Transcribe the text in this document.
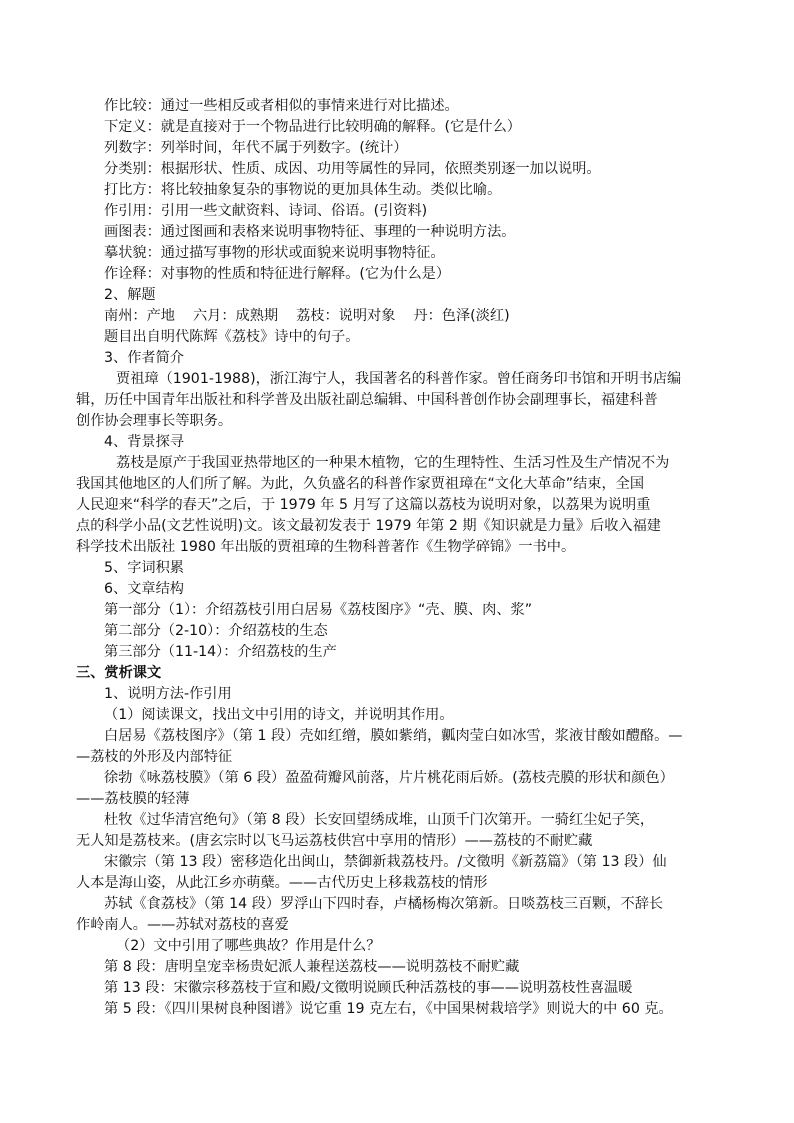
作比较：通过一些相反或者相似的事情来进行对比描述。
下定义：就是直接对于一个物品进行比较明确的解释。(它是什么）
列数字：列举时间，年代不属于列数字。(统计）
分类别：根据形状、性质、成因、功用等属性的异同，依照类别逐一加以说明。
打比方：将比较抽象复杂的事物说的更加具体生动。类似比喻。
作引用：引用一些文献资料、诗词、俗语。(引资料)
画图表：通过图画和表格来说明事物特征、事理的一种说明方法。
摹状貌：通过描写事物的形状或面貌来说明事物特征。
作诠释：对事物的性质和特征进行解释。(它为什么是）
2、解题
南州：产地 六月：成熟期 荔枝：说明对象 丹：色泽(淡红)
题目出自明代陈辉《荔枝》诗中的句子。
3、作者简介
贾祖璋（1901-1988)，浙江海宁人，我国著名的科普作家。曾任商务印书馆和开明书店编
辑，历任中国青年出版社和科学普及出版社副总编辑、中国科普创作协会副理事长，福建科普
创作协会理事长等职务。
4、背景探寻
荔枝是原产于我国亚热带地区的一种果木植物，它的生理特性、生活习性及生产情况不为
我国其他地区的人们所了解。为此，久负盛名的科普作家贾祖璋在“文化大革命”结束，全国
人民迎来“科学的春天”之后，于 1979 年 5 月写了这篇以荔枝为说明对象，以荔果为说明重
点的科学小品(文艺性说明)文。该文最初发表于 1979 年第 2 期《知识就是力量》后收入福建
科学技术出版社 1980 年出版的贾祖璋的生物科普著作《生物学碎锦》一书中。
5、字词积累
6、文章结构
第一部分（1）：介绍荔枝引用白居易《荔枝图序》“壳、膜、肉、浆”
第二部分（2-10）：介绍荔枝的生态
第三部分（11-14）：介绍荔枝的生产
三、赏析课文
1、说明方法-作引用
（1）阅读课文，找出文中引用的诗文，并说明其作用。
白居易《荔枝图序》（第 1 段）壳如红缯，膜如紫绡，瓤肉莹白如冰雪，浆液甘酸如醴酪。—
—荔枝的外形及内部特征
徐勃《咏荔枝膜》（第 6 段）盈盈荷瓣风前落，片片桃花雨后娇。(荔枝壳膜的形状和颜色）
——荔枝膜的轻薄
杜牧《过华清宫绝句》（第 8 段）长安回望绣成堆，山顶千门次第开。一骑红尘妃子笑，
无人知是荔枝来。(唐玄宗时以飞马运荔枝供宫中享用的情形）——荔枝的不耐贮藏
宋徽宗（第 13 段）密移造化出闽山，禁御新栽荔枝丹。/文徵明《新荔篇》（第 13 段）仙
人本是海山姿，从此江乡亦萌蘖。——古代历史上移栽荔枝的情形
苏轼《食荔枝》（第 14 段）罗浮山下四时春，卢橘杨梅次第新。日啖荔枝三百颗，不辞长
作岭南人。——苏轼对荔枝的喜爱
（2）文中引用了哪些典故？作用是什么？
第 8 段：唐明皇宠幸杨贵妃派人兼程送荔枝——说明荔枝不耐贮藏
第 13 段：宋徽宗移荔枝于宣和殿/文徵明说顾氏种活荔枝的事——说明荔枝性喜温暖
第 5 段：《四川果树良种图谱》说它重 19 克左右，《中国果树栽培学》则说大的中 60 克。
